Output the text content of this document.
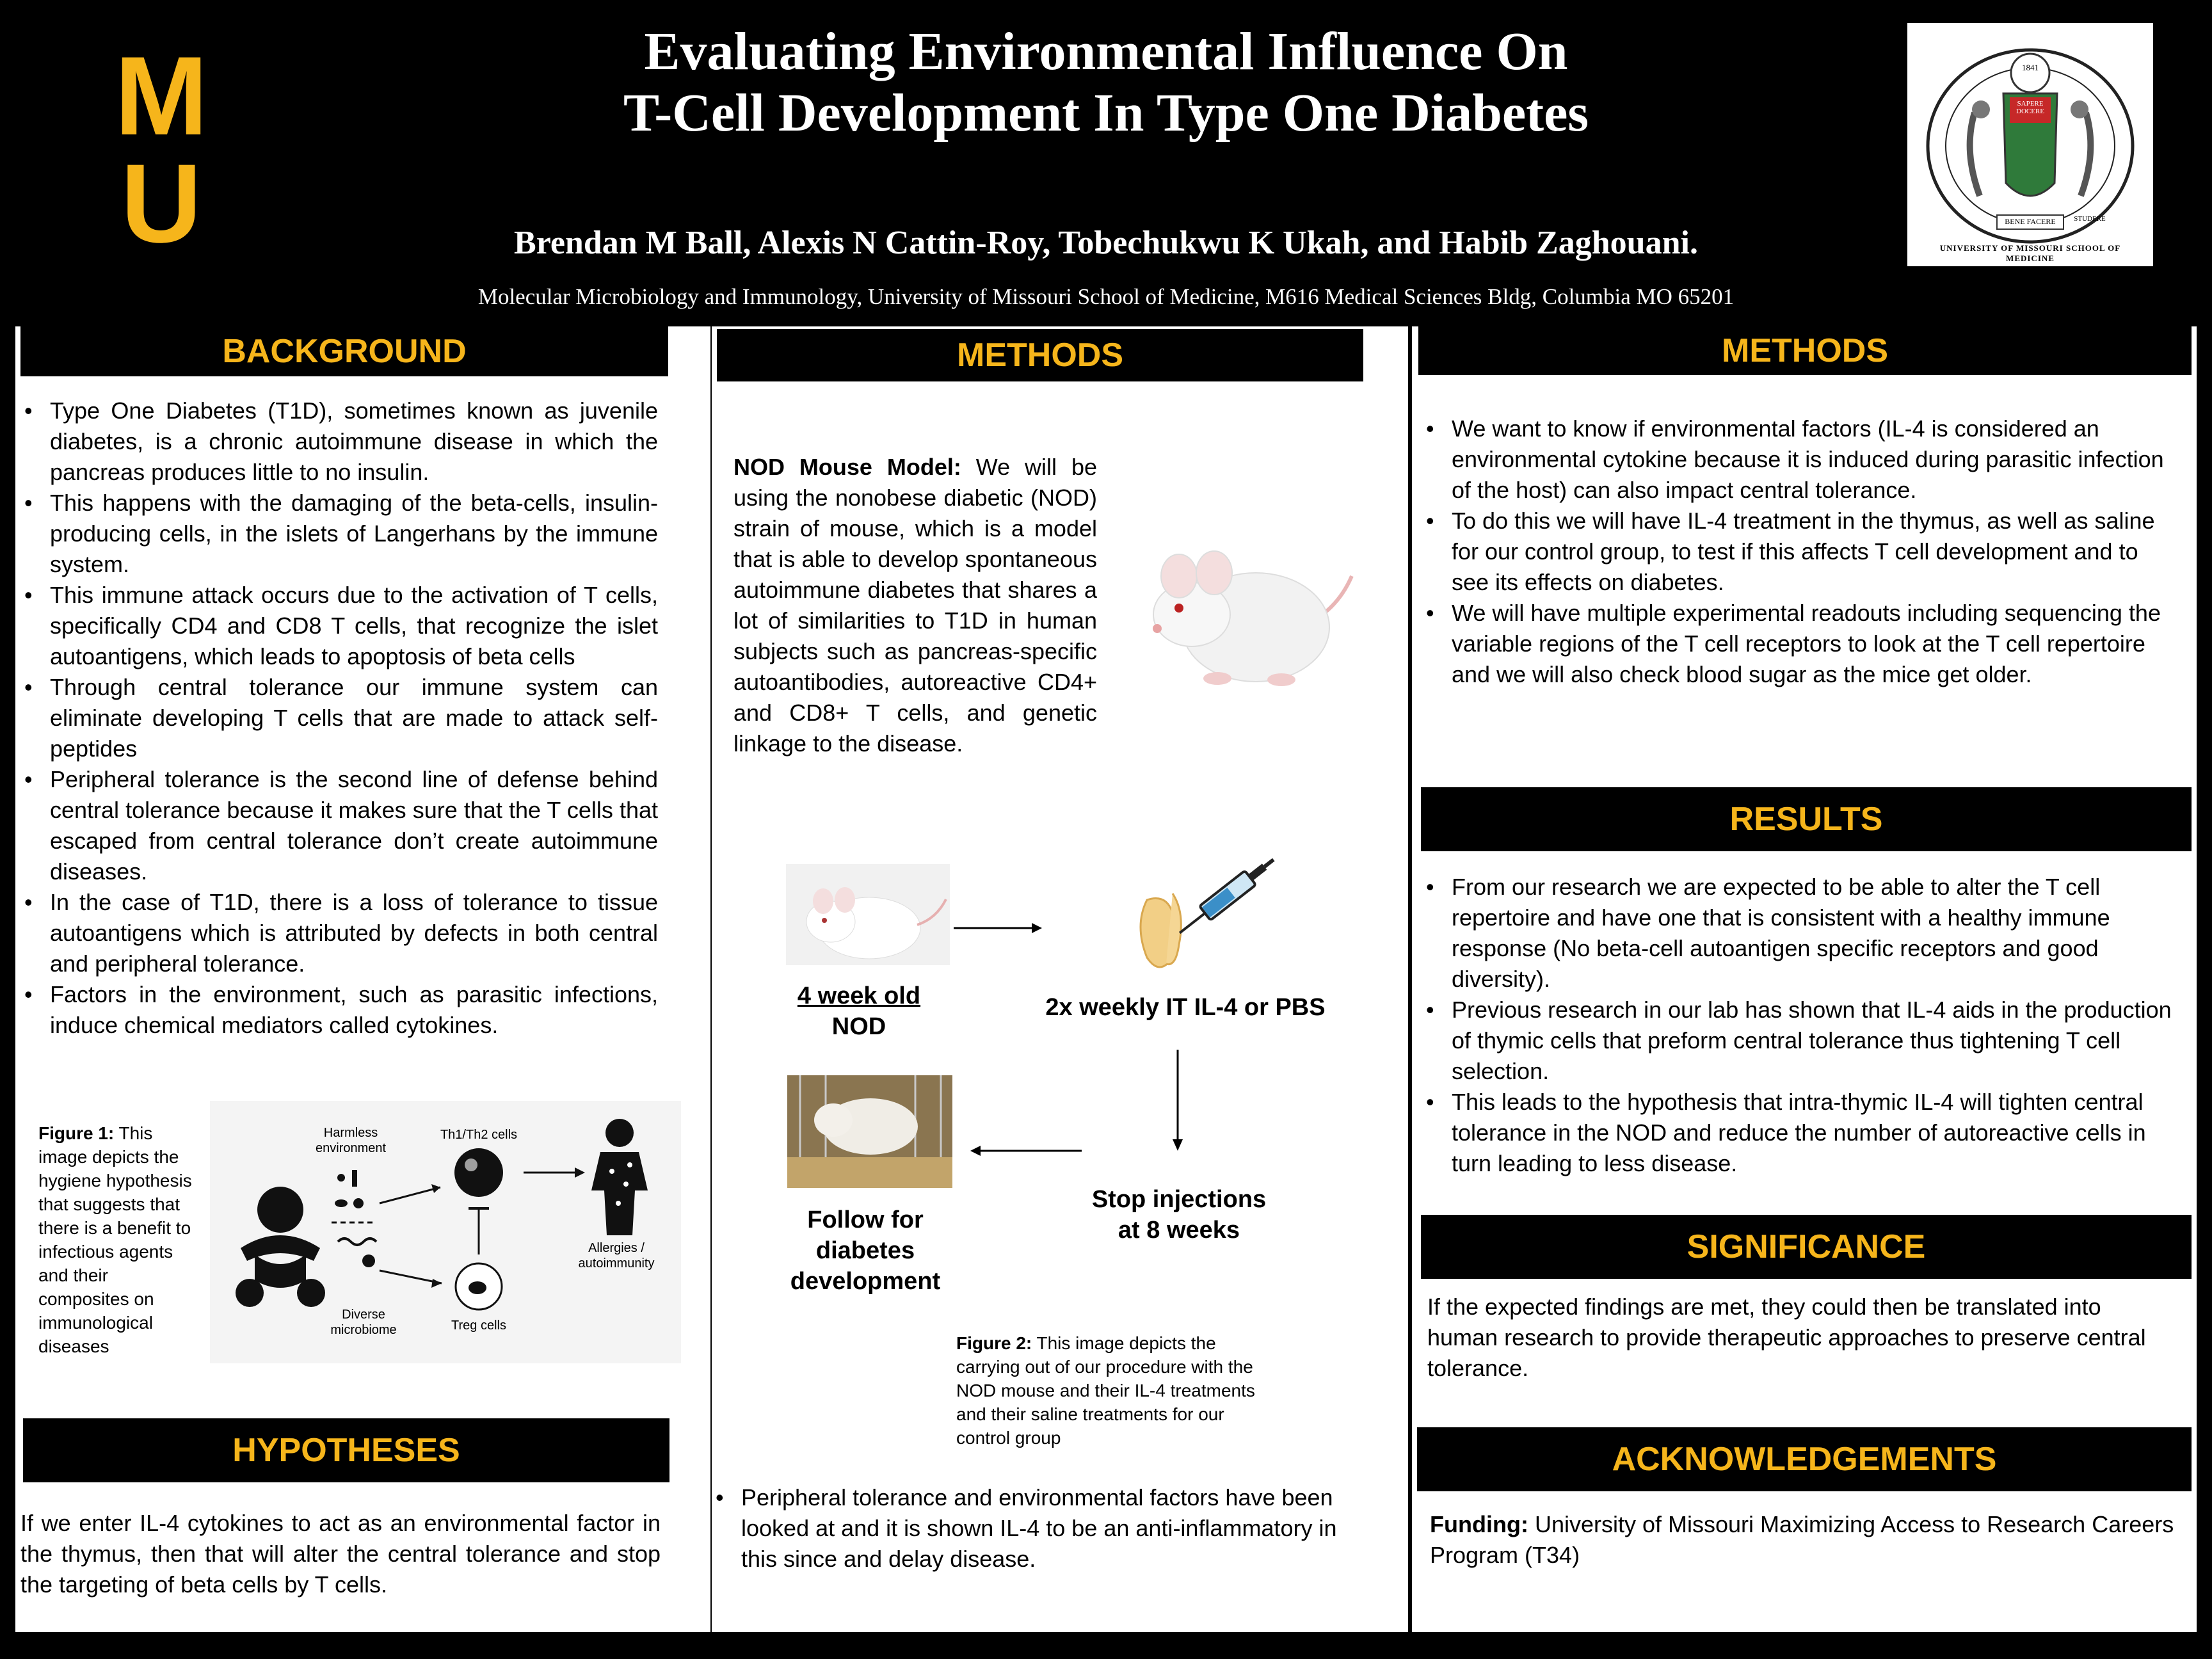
M
U
Evaluating Environmental Influence On
T-Cell Development In Type One Diabetes
Brendan M Ball, Alexis N Cattin-Roy, Tobechukwu K Ukah, and Habib Zaghouani.
Molecular Microbiology and Immunology, University of Missouri School of Medicine, M616 Medical Sciences Bldg, Columbia MO 65201
1841
SAPERE DOCERE
BENE FACERE	STUDERE
UNIVERSITY OF MISSOURI SCHOOL OF MEDICINE
BACKGROUND
• Type One Diabetes (T1D), sometimes known as juvenile diabetes, is a chronic autoimmune disease in which the pancreas produces little to no insulin.
• This happens with the damaging of the beta-cells, insulin-producing cells, in the islets of Langerhans by the immune system.
• This immune attack occurs due to the activation of T cells, specifically CD4 and CD8 T cells, that recognize the islet autoantigens, which leads to apoptosis of beta cells
• Through central tolerance our immune system can eliminate developing T cells that are made to attack self-peptides
• Peripheral tolerance is the second line of defense behind central tolerance because it makes sure that the T cells that escaped from central tolerance don’t create autoimmune diseases.
• In the case of T1D, there is a loss of tolerance to tissue autoantigens which is attributed by defects in both central and peripheral tolerance.
• Factors in the environment, such as parasitic infections, induce chemical mediators called cytokines.
Figure 1: This image depicts the hygiene hypothesis that suggests that there is a benefit to infectious agents and their composites on immunological diseases
Harmless environment
Th1/Th2 cells
Allergies / autoimmunity
Diverse microbiome	Treg cells
HYPOTHESES
If we enter IL-4 cytokines to act as an environmental factor in the thymus, then that will alter the central tolerance and stop the targeting of beta cells by T cells.
METHODS
NOD Mouse Model: We will be using the nonobese diabetic (NOD) strain of mouse, which is a model that is able to develop spontaneous autoimmune diabetes that shares a lot of similarities to T1D in human subjects such as pancreas-specific autoantibodies, autoreactive CD4+ and CD8+ T cells, and genetic linkage to the disease.
4 week old
NOD
2x weekly IT IL-4 or PBS
Stop injections
at 8 weeks
Follow for
diabetes
development
Figure 2: This image depicts the carrying out of our procedure with the NOD mouse and their IL-4 treatments and their saline treatments for our control group
• Peripheral tolerance and environmental factors have been looked at and it is shown IL-4 to be an anti-inflammatory in this since and delay disease.
METHODS
• We want to know if environmental factors (IL-4 is considered an environmental cytokine because it is induced during parasitic infection of the host) can also impact central tolerance.
• To do this we will have IL-4 treatment in the thymus, as well as saline for our control group, to test if this affects T cell development and to see its effects on diabetes.
• We will have multiple experimental readouts including sequencing the variable regions of the T cell receptors to look at the T cell repertoire and we will also check blood sugar as the mice get older.
RESULTS
• From our research we are expected to be able to alter the T cell repertoire and have one that is consistent with a healthy immune response (No beta-cell autoantigen specific receptors and good diversity).
• Previous research in our lab has shown that IL-4 aids in the production of thymic cells that preform central tolerance thus tightening T cell selection.
• This leads to the hypothesis that intra-thymic IL-4 will tighten central tolerance in the NOD and reduce the number of autoreactive cells in turn leading to less disease.
SIGNIFICANCE
If the expected findings are met, they could then be translated into human research to provide therapeutic approaches to preserve central tolerance.
ACKNOWLEDGEMENTS
Funding: University of Missouri Maximizing Access to Research Careers Program (T34)
